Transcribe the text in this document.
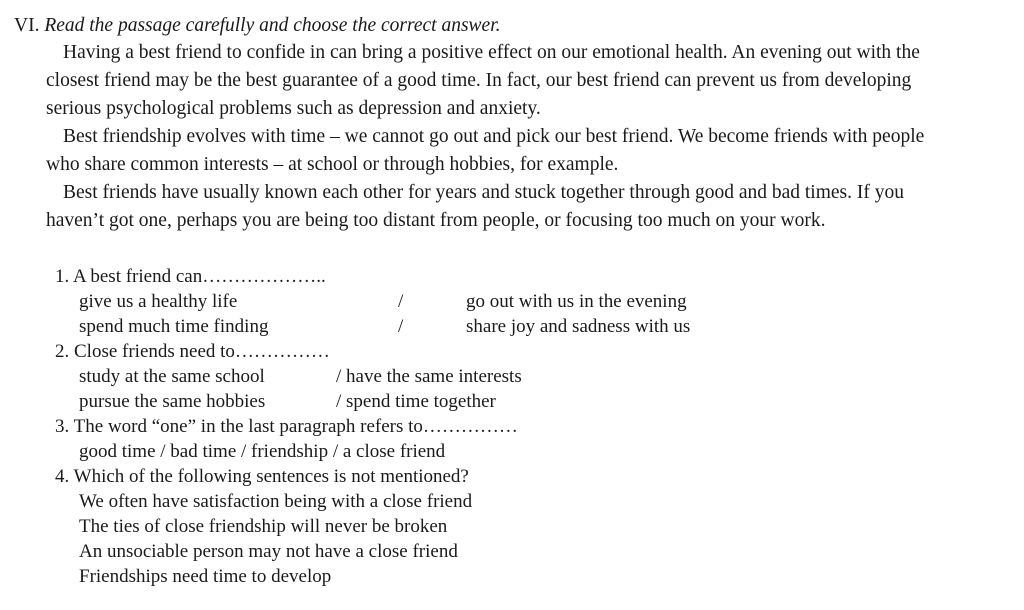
VI. Read the passage carefully and choose the correct answer.
Having a best friend to confide in can bring a positive effect on our emotional health. An evening out with the
closest friend may be the best guarantee of a good time. In fact, our best friend can prevent us from developing
serious psychological problems such as depression and anxiety.
Best friendship evolves with time – we cannot go out and pick our best friend. We become friends with people
who share common interests – at school or through hobbies, for example.
Best friends have usually known each other for years and stuck together through good and bad times. If you
haven’t got one, perhaps you are being too distant from people, or focusing too much on your work.
1. A best friend can………………..
give us a healthy life	/	go out with us in the evening
spend much time finding	/	share joy and sadness with us
2. Close friends need to……………
study at the same school	/ have the same interests
pursue the same hobbies	/ spend time together
3. The word “one” in the last paragraph refers to……………
good time / bad time / friendship / a close friend
4. Which of the following sentences is not mentioned?
We often have satisfaction being with a close friend
The ties of close friendship will never be broken
An unsociable person may not have a close friend
Friendships need time to develop
